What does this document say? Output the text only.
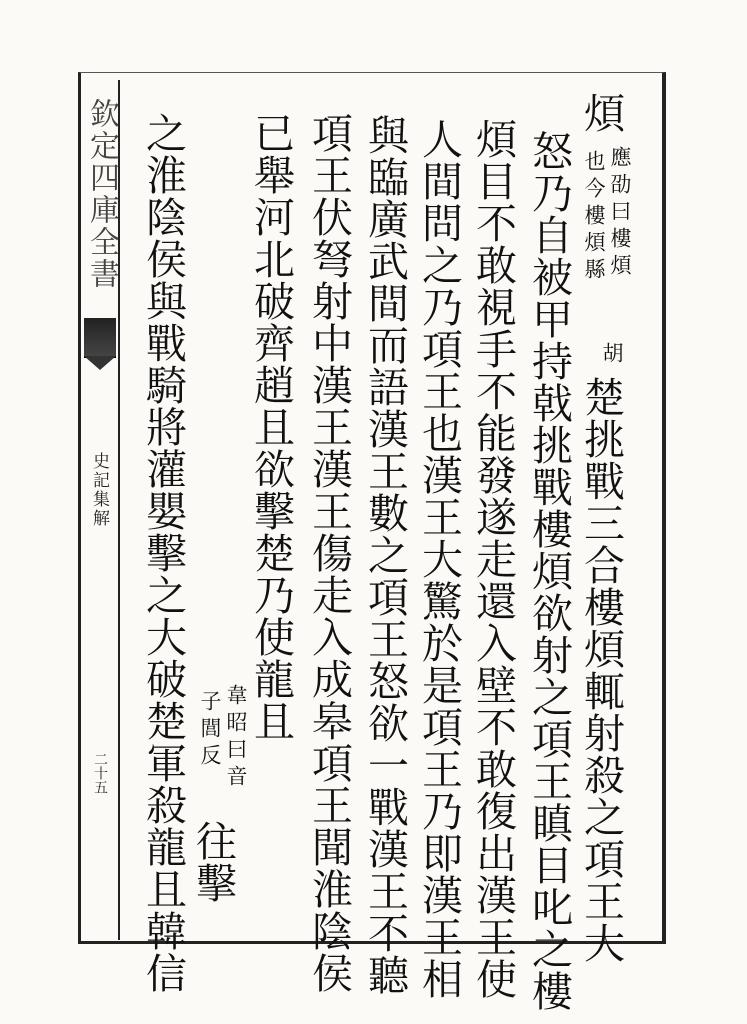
欽定四庫全書
史記集解
二十五
煩
應劭曰樓煩
也今樓煩縣
胡
楚挑戰三合樓煩輒射殺之項王大
怒乃自被甲持戟挑戰樓煩欲射之項王瞋目叱之樓
煩目不敢視手不能發遂走還入壁不敢復出漢王使
人間問之乃項王也漢王大驚於是項王乃即漢王相
與臨廣武間而語漢王數之項王怒欲一戰漢王不聽
項王伏弩射中漢王漢王傷走入成皋項王聞淮陰侯
已舉河北破齊趙且欲擊楚乃使龍且
韋昭曰音
子閭反
往擊
之淮陰侯與戰騎將灌嬰擊之大破楚軍殺龍且韓信
